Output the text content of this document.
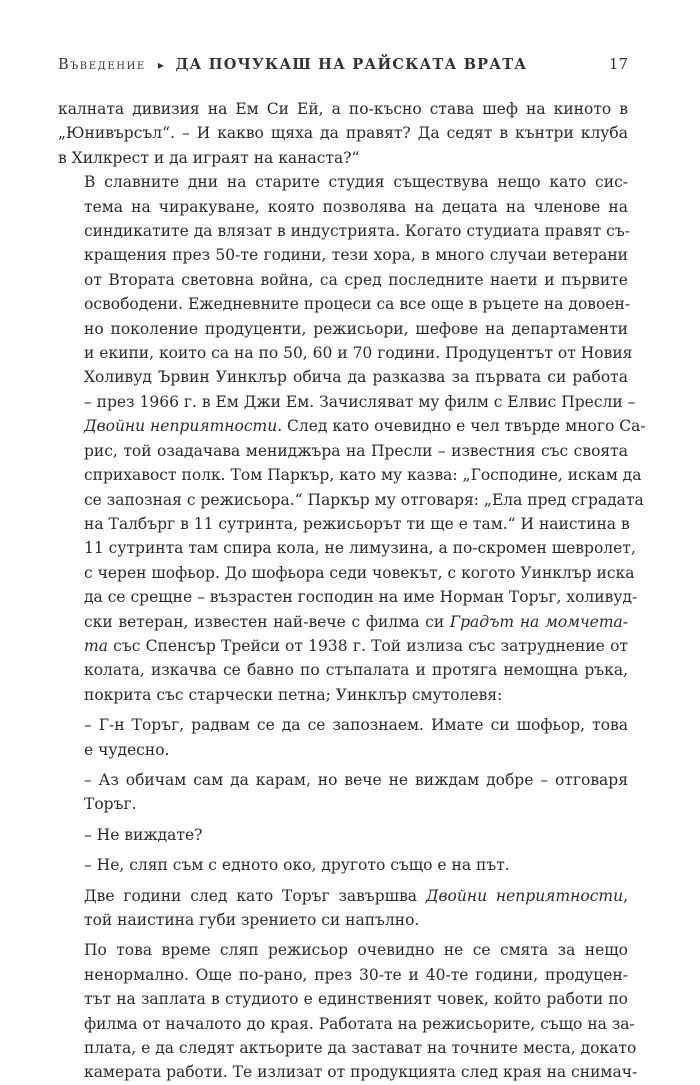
Въведение ▸ ДА ПОЧУКАШ НА РАЙСКАТА ВРАТА	17

калната дивизия на Ем Си Ей, а по-късно става шеф на киното в
„Юнивърсъл“. – И какво щяха да правят? Да седят в кънтри клуба
в Хилкрест и да играят на канаста?“

В славните дни на старите студия съществува нещо като сис-
тема на чиракуване, която позволява на децата на членове на
синдикатите да влязат в индустрията. Когато студиата правят съ-
кращения през 50-те години, тези хора, в много случаи ветерани
от Втората световна война, са сред последните наети и първите
освободени. Ежедневните процеси са все още в ръцете на довоен-
но поколение продуценти, режисьори, шефове на департаменти
и екипи, които са на по 50, 60 и 70 години. Продуцентът от Новия
Холивуд Ървин Уинклър обича да разказва за първата си работа
– през 1966 г. в Ем Джи Ем. Зачисляват му филм с Елвис Пресли –
Двойни неприятности. След като очевидно е чел твърде много Са-
рис, той озадачава мениджъра на Пресли – известния със своята
сприхавост полк. Том Паркър, като му казва: „Господине, искам да
се запозная с режисьора.“ Паркър му отговаря: „Ела пред сградата
на Талбърг в 11 сутринта, режисьорът ти ще е там.“ И наистина в
11 сутринта там спира кола, не лимузина, а по-скромен шевролет,
с черен шофьор. До шофьора седи човекът, с когото Уинклър иска
да се срещне – възрастен господин на име Норман Торъг, холивуд-
ски ветеран, известен най-вече с филма си Градът на момчета-
та със Спенсър Трейси от 1938 г. Той излиза със затруднение от
колата, изкачва се бавно по стъпалата и протяга немощна ръка,
покрита със старчески петна; Уинклър смутолевя:

– Г-н Торъг, радвам се да се запознаем. Имате си шофьор, това
е чудесно.

– Аз обичам сам да карам, но вече не виждам добре – отговаря
Торъг.

– Не виждате?

– Не, сляп съм с едното око, другото също е на път.

Две години след като Торъг завършва Двойни неприятности,
той наистина губи зрението си напълно.

По това време сляп режисьор очевидно не се смята за нещо
ненормално. Още по-рано, през 30-те и 40-те години, продуцен-
тът на заплата в студиото е единственият човек, който работи по
филма от началото до края. Работата на режисьорите, също на за-
плата, е да следят актьорите да застават на точните места, докато
камерата работи. Те излизат от продукцията след края на снимач-
